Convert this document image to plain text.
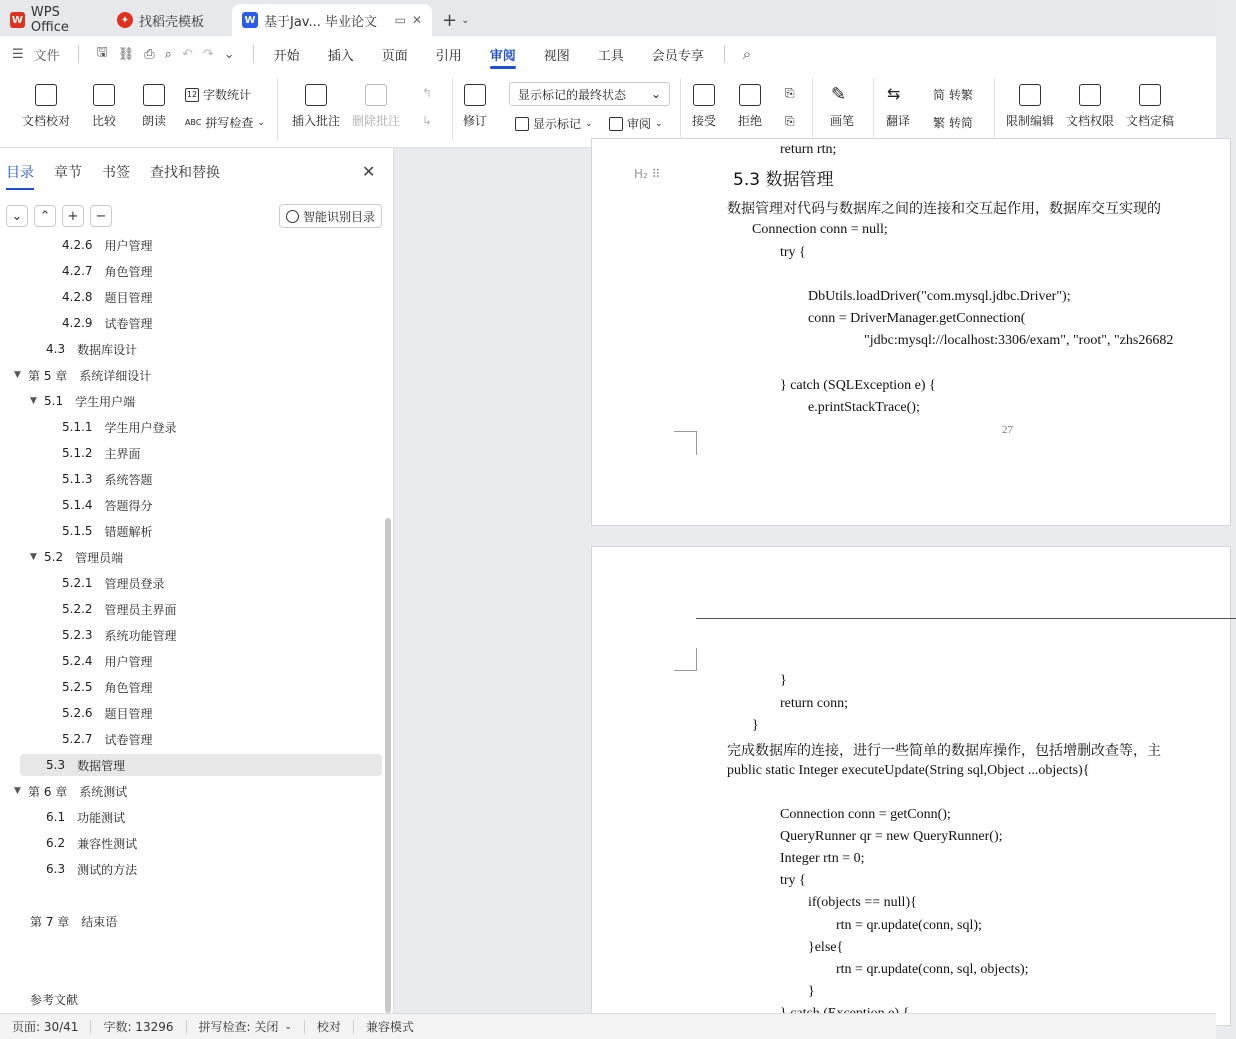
W WPS Office	✦ 找稻壳模板	W 基于Jav... 毕业论文 ▭ ✕ + ⌄
☰ 文件	🖫 ⛓ ⎙ ⌕ ↶ ↷ ⌄	开始	插入	页面	引用	审阅	视图	工具	会员专享	⌕
文档校对 比较 朗读
12 字数统计
ABC 拼写检查 ⌄ 插入批注 删除批注
↰
↳	修订
显示标记的最终状态 ⌄
显示标记 ⌄	审阅 ⌄ 接受 拒绝
⎘
⎘
✎
画笔
⇆
翻译
简 转繁
繁 转简	限制编辑 文档权限 文档定稿
目录	章节	书签	查找和替换	✕
⌄	⌃	+	−	智能识别目录
4.2.6 用户管理
4.2.7 角色管理
4.2.8 题目管理
4.2.9 试卷管理
4.3 数据库设计
▼ 第 5 章 系统详细设计
▼ 5.1 学生用户端
5.1.1 学生用户登录
5.1.2 主界面
5.1.3 系统答题
5.1.4 答题得分
5.1.5 错题解析
▼ 5.2 管理员端
5.2.1 管理员登录
5.2.2 管理员主界面
5.2.3 系统功能管理
5.2.4 用户管理
5.2.5 角色管理
5.2.6 题目管理
5.2.7 试卷管理
5.3 数据管理
▼ 第 6 章 系统测试
6.1 功能测试
6.2 兼容性测试
6.3 测试的方法
第 7 章 结束语
参考文献
return rtn;
H₂ ⠿	5.3 数据管理
数据管理对代码与数据库之间的连接和交互起作用，数据库交互实现的
Connection conn = null;
try {
DbUtils.loadDriver("com.mysql.jdbc.Driver");
conn = DriverManager.getConnection(
"jdbc:mysql://localhost:3306/exam", "root", "zhs26682
} catch (SQLException e) {
e.printStackTrace();
27
}
return conn;
}
完成数据库的连接，进行一些简单的数据库操作，包括增删改查等，主
public static Integer executeUpdate(String sql,Object ...objects){
Connection conn = getConn();
QueryRunner qr = new QueryRunner();
Integer rtn = 0;
try {
if(objects == null){
rtn = qr.update(conn, sql);
}else{
rtn = qr.update(conn, sql, objects);
}
页面: 30/41	字数: 13296	拼写检查: 关闭 ⌄	校对	兼容模式
